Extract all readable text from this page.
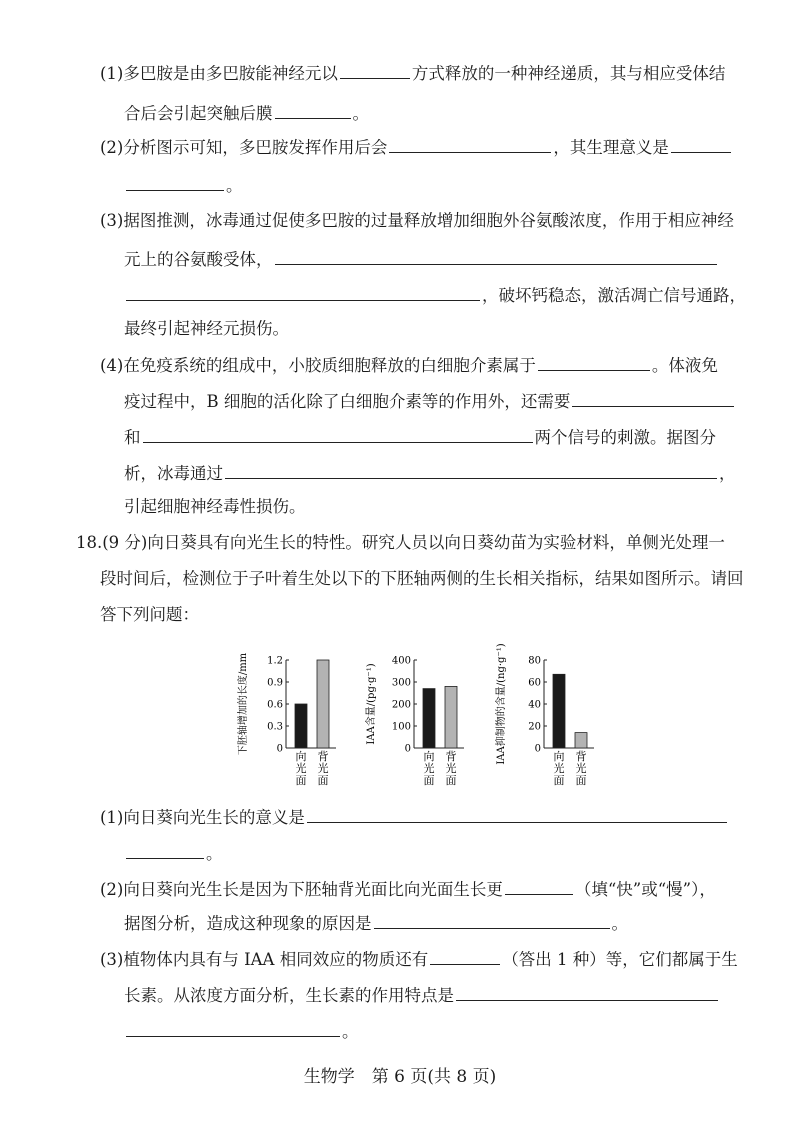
(1)多巴胺是由多巴胺能神经元以	方式释放的一种神经递质，其与相应受体结
合后会引起突触后膜	。
(2)分析图示可知，多巴胺发挥作用后会	，其生理意义是
。
(3)据图推测，冰毒通过促使多巴胺的过量释放增加细胞外谷氨酸浓度，作用于相应神经
元上的谷氨酸受体，
，破坏钙稳态，激活凋亡信号通路，
最终引起神经元损伤。
(4)在免疫系统的组成中，小胶质细胞释放的白细胞介素属于	。体液免
疫过程中，B 细胞的活化除了白细胞介素等的作用外，还需要
和	两个信号的刺激。据图分
析，冰毒通过	，
引起细胞神经毒性损伤。
18.(9 分)向日葵具有向光生长的特性。研究人员以向日葵幼苗为实验材料，单侧光处理一
段时间后，检测位于子叶着生处以下的下胚轴两侧的生长相关指标，结果如图所示。请回
答下列问题：
下胚轴增加的长度/mm	0
0.3
0.6
0.9
1.2
向光面
背光面
IAA含量/(pg·g⁻¹)
0
100
200
300
400
向光面
背光面
IAA抑制物的含量/(ng·g⁻¹)	0
20
40
60
80
向光面
背光面
(1)向日葵向光生长的意义是
。
(2)向日葵向光生长是因为下胚轴背光面比向光面生长更	（填“快”或“慢”），
据图分析，造成这种现象的原因是	。
(3)植物体内具有与 IAA 相同效应的物质还有	（答出 1 种）等，它们都属于生
长素。从浓度方面分析，生长素的作用特点是
。
生物学　第 6 页(共 8 页)
